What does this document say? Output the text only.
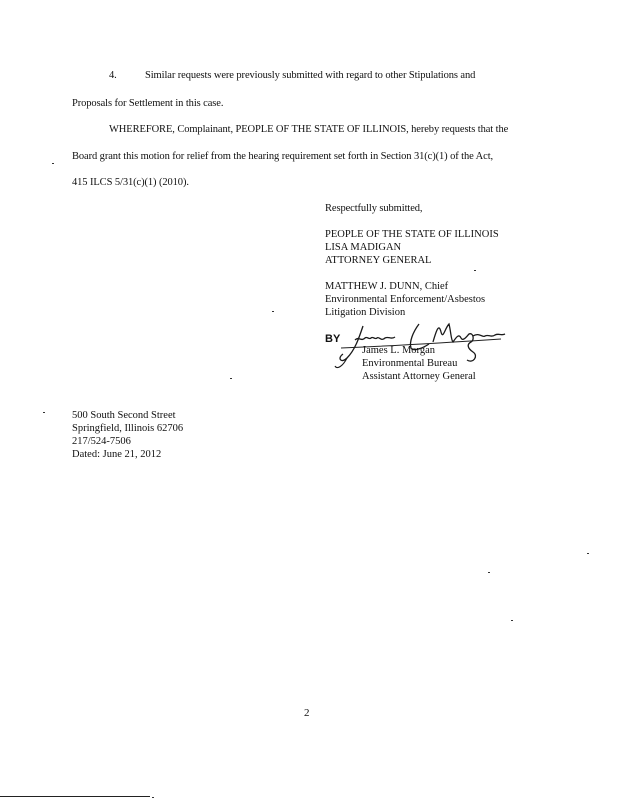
4.	Similar requests were previously submitted with regard to other Stipulations and
Proposals for Settlement in this case.
WHEREFORE, Complainant, PEOPLE OF THE STATE OF ILLINOIS, hereby requests that the
Board grant this motion for relief from the hearing requirement set forth in Section 31(c)(1) of the Act,
415 ILCS 5/31(c)(1) (2010).
Respectfully submitted,
PEOPLE OF THE STATE OF ILLINOIS
LISA MADIGAN
ATTORNEY GENERAL
MATTHEW J. DUNN, Chief
Environmental Enforcement/Asbestos
Litigation Division
BY
James L. Morgan
Environmental Bureau
Assistant Attorney General
500 South Second Street
Springfield, Illinois 62706
217/524-7506
Dated: June 21, 2012
2
